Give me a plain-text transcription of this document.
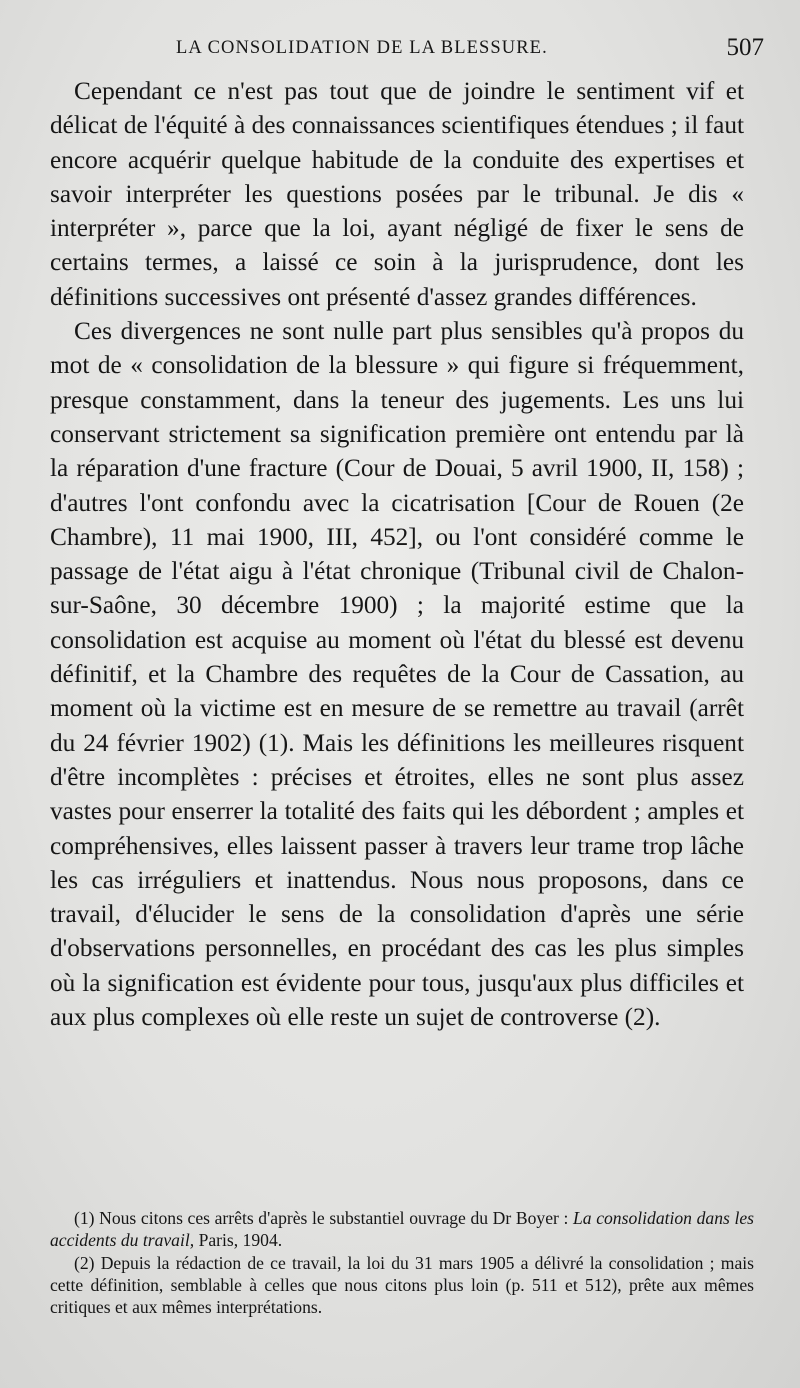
LA CONSOLIDATION DE LA BLESSURE.	507

Cependant ce n'est pas tout que de joindre le sentiment vif et délicat de l'équité à des connaissances scientifiques étendues ; il faut encore acquérir quelque habitude de la conduite des expertises et savoir interpréter les questions posées par le tribunal. Je dis « interpréter », parce que la loi, ayant négligé de fixer le sens de certains termes, a laissé ce soin à la jurisprudence, dont les définitions successives ont présenté d'assez grandes différences.

Ces divergences ne sont nulle part plus sensibles qu'à propos du mot de « consolidation de la blessure » qui figure si fréquemment, presque constamment, dans la teneur des jugements. Les uns lui conservant strictement sa signification première ont entendu par là la réparation d'une fracture (Cour de Douai, 5 avril 1900, II, 158) ; d'autres l'ont confondu avec la cicatrisation [Cour de Rouen (2e Chambre), 11 mai 1900, III, 452], ou l'ont considéré comme le passage de l'état aigu à l'état chronique (Tribunal civil de Chalon-sur-Saône, 30 décembre 1900) ; la majorité estime que la consolidation est acquise au moment où l'état du blessé est devenu définitif, et la Chambre des requêtes de la Cour de Cassation, au moment où la victime est en mesure de se remettre au travail (arrêt du 24 février 1902) (1). Mais les définitions les meilleures risquent d'être incomplètes : précises et étroites, elles ne sont plus assez vastes pour enserrer la totalité des faits qui les débordent ; amples et compréhensives, elles laissent passer à travers leur trame trop lâche les cas irréguliers et inattendus. Nous nous proposons, dans ce travail, d'élucider le sens de la consolidation d'après une série d'observations personnelles, en procédant des cas les plus simples où la signification est évidente pour tous, jusqu'aux plus difficiles et aux plus complexes où elle reste un sujet de controverse (2).

(1) Nous citons ces arrêts d'après le substantiel ouvrage du Dr Boyer : La consolidation dans les accidents du travail, Paris, 1904.

(2) Depuis la rédaction de ce travail, la loi du 31 mars 1905 a délivré la consolidation ; mais cette définition, semblable à celles que nous citons plus loin (p. 511 et 512), prête aux mêmes critiques et aux mêmes interprétations.
